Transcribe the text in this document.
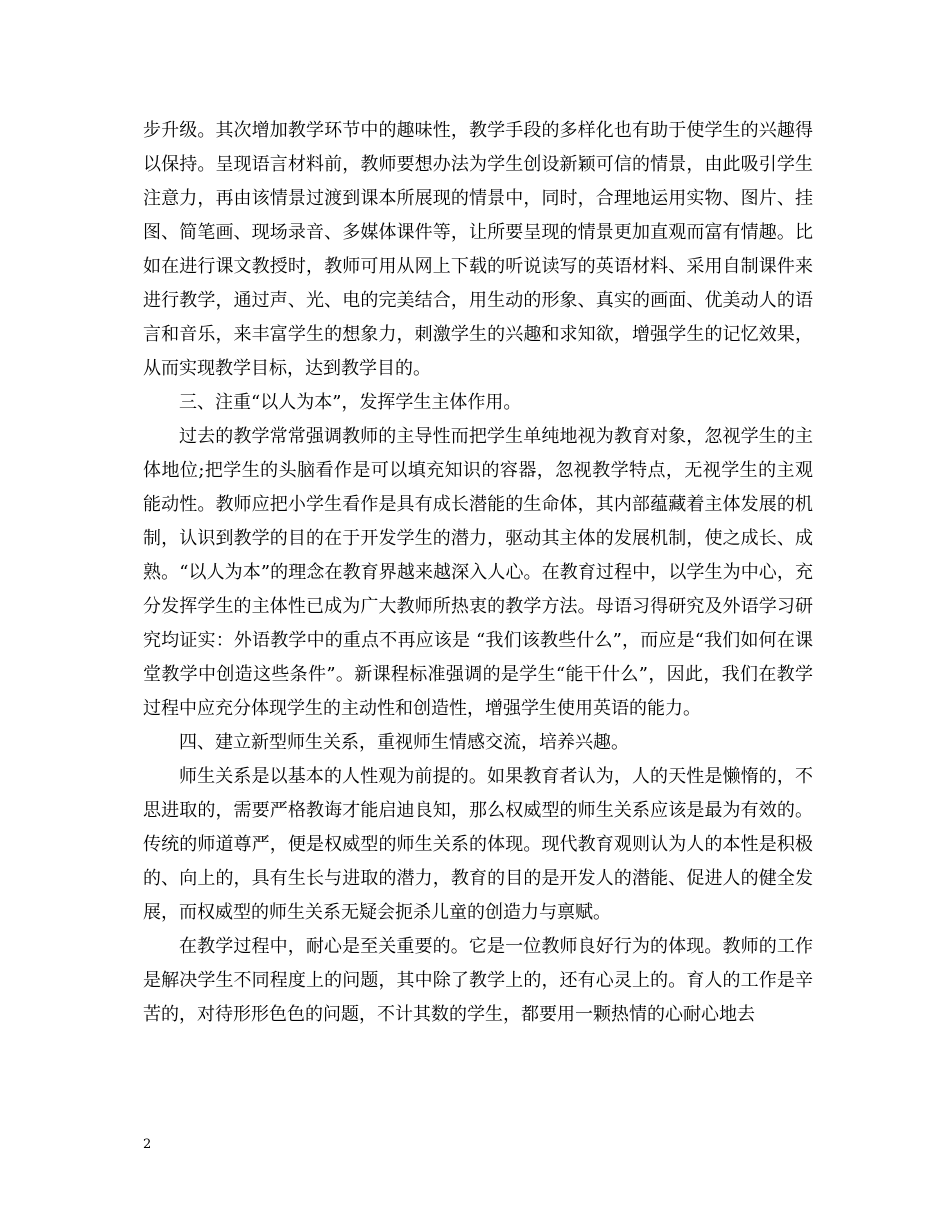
步升级。其次增加教学环节中的趣味性，教学手段的多样化也有助于使学生的兴趣得以保持。呈现语言材料前，教师要想办法为学生创设新颖可信的情景，由此吸引学生注意力，再由该情景过渡到课本所展现的情景中，同时，合理地运用实物、图片、挂图、简笔画、现场录音、多媒体课件等，让所要呈现的情景更加直观而富有情趣。比如在进行课文教授时，教师可用从网上下载的听说读写的英语材料、采用自制课件来进行教学，通过声、光、电的完美结合，用生动的形象、真实的画面、优美动人的语言和音乐，来丰富学生的想象力，刺激学生的兴趣和求知欲，增强学生的记忆效果，从而实现教学目标，达到教学目的。

三、注重“以人为本”，发挥学生主体作用。

过去的教学常常强调教师的主导性而把学生单纯地视为教育对象，忽视学生的主体地位;把学生的头脑看作是可以填充知识的容器，忽视教学特点，无视学生的主观能动性。教师应把小学生看作是具有成长潜能的生命体，其内部蕴藏着主体发展的机制，认识到教学的目的在于开发学生的潜力，驱动其主体的发展机制，使之成长、成熟。“以人为本”的理念在教育界越来越深入人心。在教育过程中，以学生为中心，充分发挥学生的主体性已成为广大教师所热衷的教学方法。母语习得研究及外语学习研究均证实：外语教学中的重点不再应该是 “我们该教些什么”，而应是“我们如何在课堂教学中创造这些条件”。新课程标准强调的是学生“能干什么”，因此，我们在教学过程中应充分体现学生的主动性和创造性，增强学生使用英语的能力。

四、建立新型师生关系，重视师生情感交流，培养兴趣。

师生关系是以基本的人性观为前提的。如果教育者认为，人的天性是懒惰的，不思进取的，需要严格教诲才能启迪良知，那么权威型的师生关系应该是最为有效的。传统的师道尊严，便是权威型的师生关系的体现。现代教育观则认为人的本性是积极的、向上的，具有生长与进取的潜力，教育的目的是开发人的潜能、促进人的健全发展，而权威型的师生关系无疑会扼杀儿童的创造力与禀赋。

在教学过程中，耐心是至关重要的。它是一位教师良好行为的体现。教师的工作是解决学生不同程度上的问题，其中除了教学上的，还有心灵上的。育人的工作是辛苦的，对待形形色色的问题，不计其数的学生，都要用一颗热情的心耐心地去

2
